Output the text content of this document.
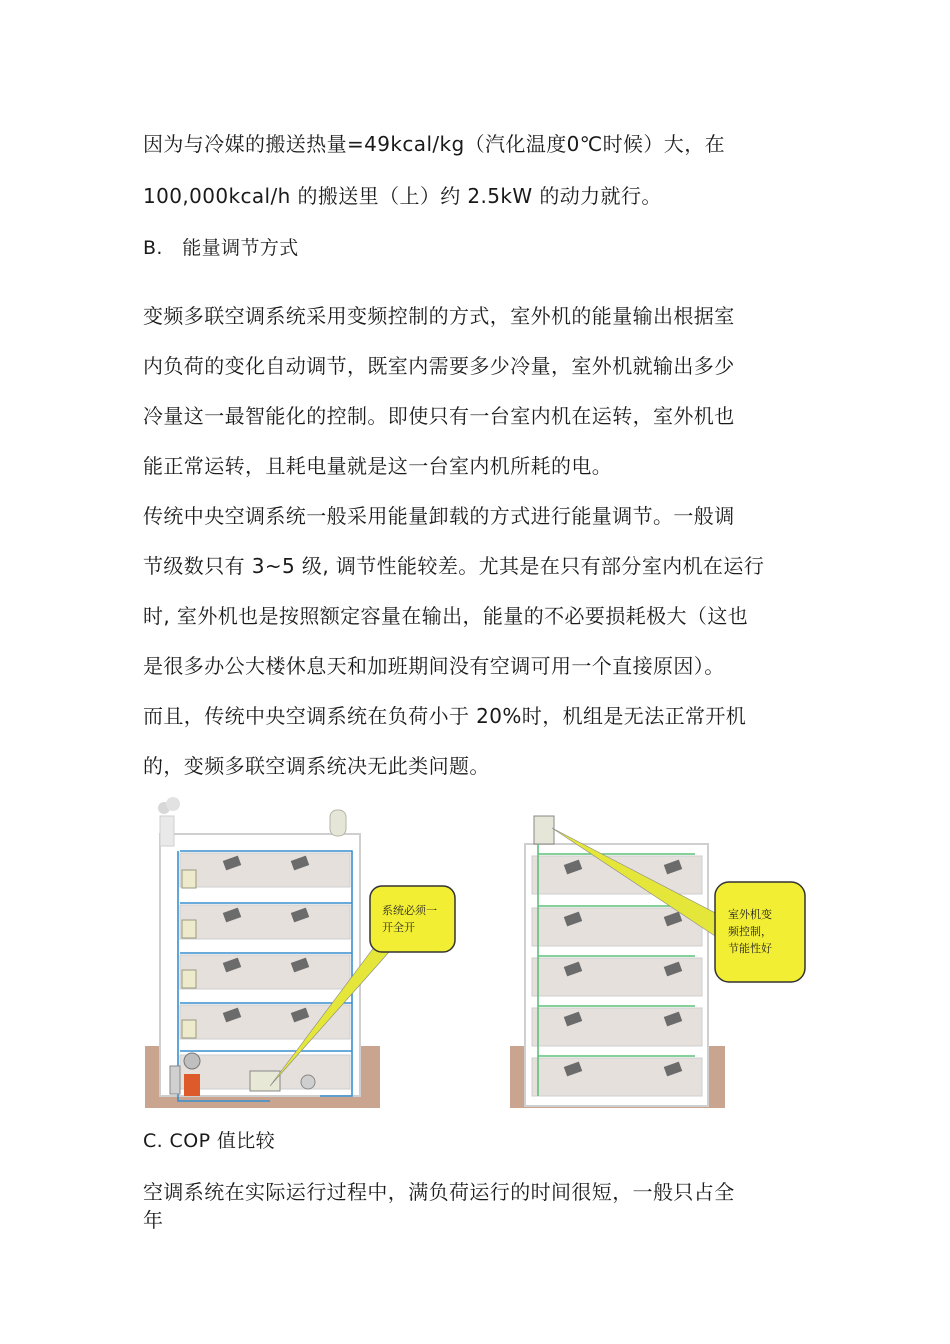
因为与冷媒的搬送热量=49kcal/kg（汽化温度0℃时候）大，在
100,000kcal/h 的搬送里（上）约 2.5kW 的动力就行。
B.　能量调节方式
变频多联空调系统采用变频控制的方式，室外机的能量输出根据室
内负荷的变化自动调节，既室内需要多少冷量，室外机就输出多少
冷量这一最智能化的控制。即使只有一台室内机在运转，室外机也
能正常运转，且耗电量就是这一台室内机所耗的电。
传统中央空调系统一般采用能量卸载的方式进行能量调节。一般调
节级数只有 3~5 级, 调节性能较差。尤其是在只有部分室内机在运行
时, 室外机也是按照额定容量在输出，能量的不必要损耗极大（这也
是很多办公大楼休息天和加班期间没有空调可用一个直接原因）。
而且，传统中央空调系统在负荷小于 20%时，机组是无法正常开机
的，变频多联空调系统决无此类问题。
系统必须一
开全开
室外机变
频控制，
节能性好
C. COP 值比较
空调系统在实际运行过程中，满负荷运行的时间很短，一般只占全
年
